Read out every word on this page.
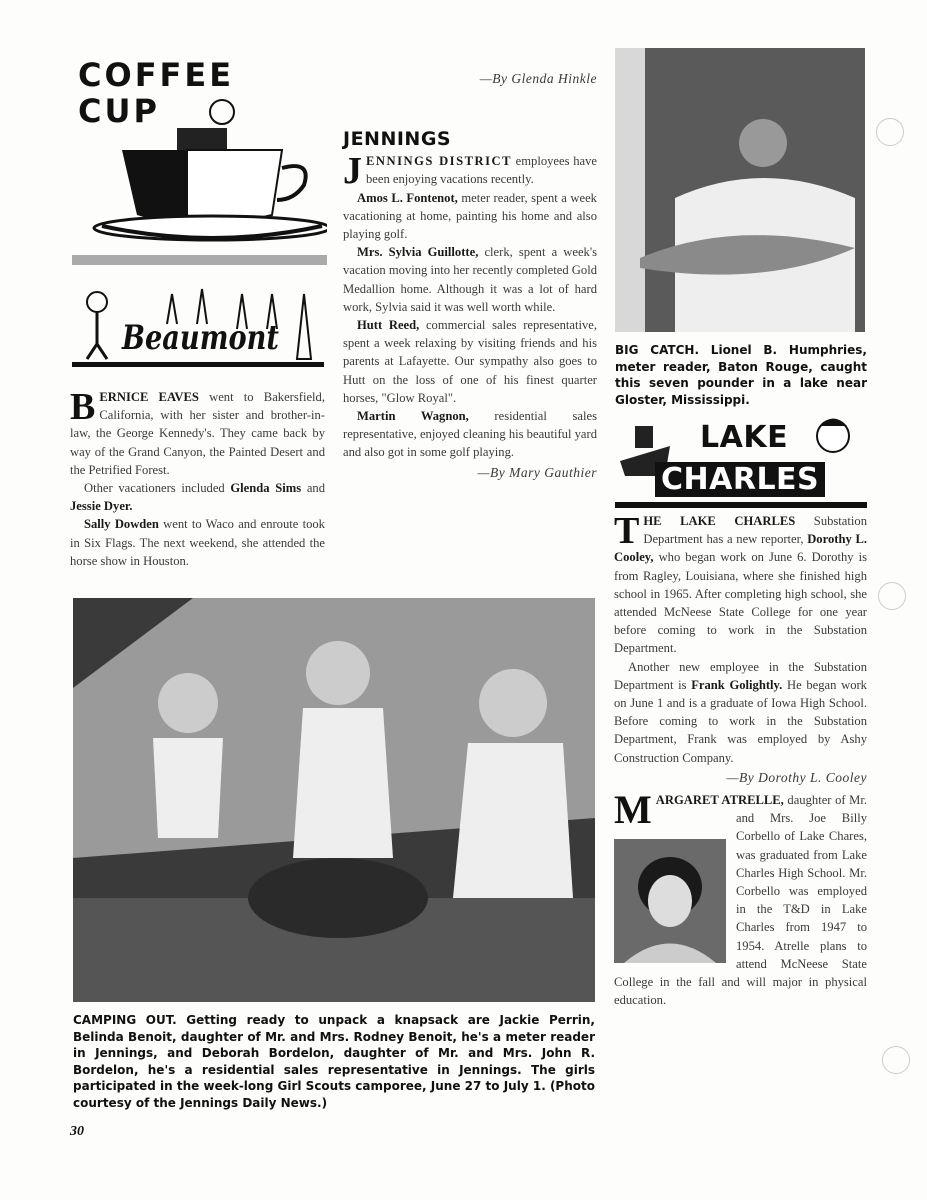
COFFEE
CUP
Beaumont

BERNICE EAVES went to Bakersfield, California, with her sister and brother-in-law, the George Kennedy's. They came back by way of the Grand Canyon, the Painted Desert and the Petrified Forest.

Other vacationers included Glenda Sims and Jessie Dyer.

Sally Dowden went to Waco and enroute took in Six Flags. The next weekend, she attended the horse show in Houston.

—By Glenda Hinkle
JENNINGS

JENNINGS DISTRICT employees have been enjoying vacations recently.

Amos L. Fontenot, meter reader, spent a week vacationing at home, painting his home and also playing golf.

Mrs. Sylvia Guillotte, clerk, spent a week's vacation moving into her recently completed Gold Medallion home. Although it was a lot of hard work, Sylvia said it was well worth while.

Hutt Reed, commercial sales representative, spent a week relaxing by visiting friends and his parents at Lafayette. Our sympathy also goes to Hutt on the loss of one of his finest quarter horses, "Glow Royal".

Martin Wagnon, residential sales representative, enjoyed cleaning his beautiful yard and also got in some golf playing.

—By Mary Gauthier
BIG CATCH. Lionel B. Humphries, meter reader, Baton Rouge, caught this seven pounder in a lake near Gloster, Mississippi.
LAKE
CHARLES

THE LAKE CHARLES Substation Department has a new reporter, Dorothy L. Cooley, who began work on June 6. Dorothy is from Ragley, Louisiana, where she finished high school in 1965. After completing high school, she attended McNeese State College for one year before coming to work in the Substation Department.

Another new employee in the Substation Department is Frank Golightly. He began work on June 1 and is a graduate of Iowa High School. Before coming to work in the Substation Department, Frank was employed by Ashy Construction Company.

—By Dorothy L. Cooley

M ARGARET ATRELLE, daughter of Mr. and Mrs. Joe Billy Corbello of Lake Chares, was graduated from Lake Charles High School. Mr. Corbello was employed in the T&D in Lake Charles from 1947 to 1954. Atrelle plans to attend McNeese State College in the fall and will major in physical education.

CAMPING OUT. Getting ready to unpack a knapsack are Jackie Perrin, Belinda Benoit, daughter of Mr. and Mrs. Rodney Benoit, he's a meter reader in Jennings, and Deborah Bordelon, daughter of Mr. and Mrs. John R. Bordelon, he's a residential sales representative in Jennings. The girls participated in the week-long Girl Scouts camporee, June 27 to July 1. (Photo courtesy of the Jennings Daily News.)
30
